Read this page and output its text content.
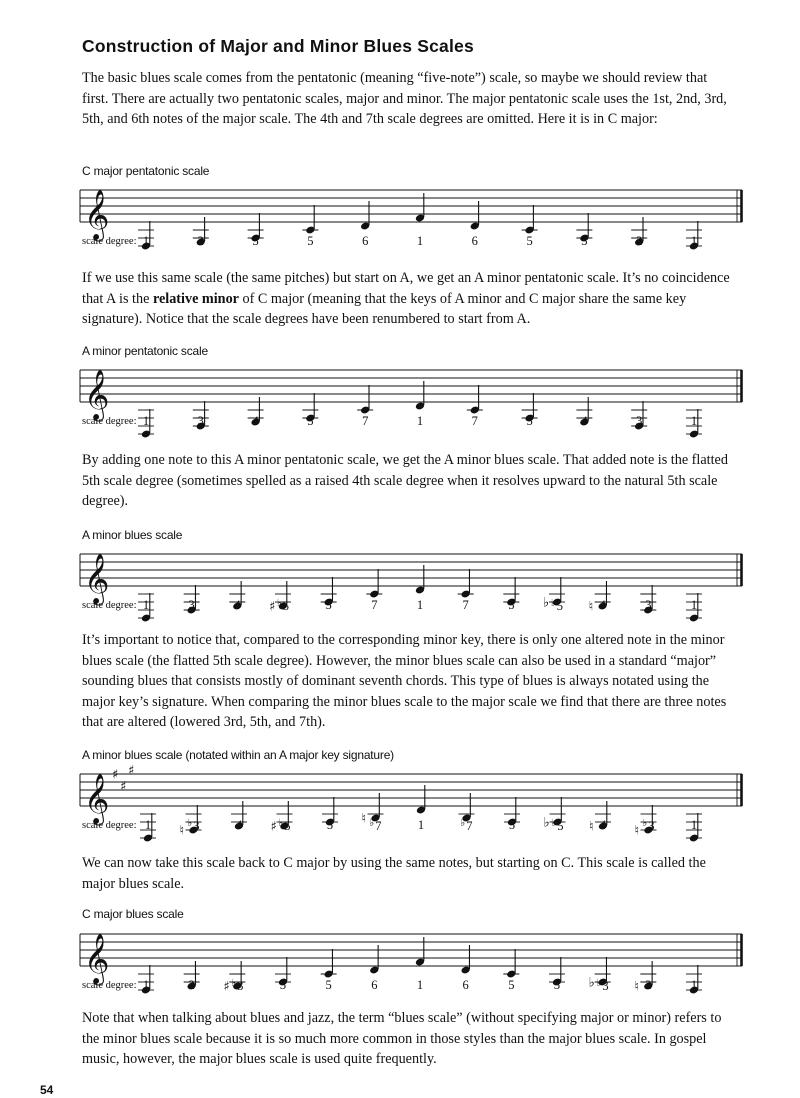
Construction of Major and Minor Blues Scales

The basic blues scale comes from the pentatonic (meaning “five-note”) scale, so maybe we should review that first. There are actually two pentatonic scales, major and minor. The major pentatonic scale uses the 1st, 2nd, 3rd, 5th, and 6th notes of the major scale. The 4th and 7th scale degrees are omitted. Here it is in C major:

C major pentatonic scale
𝄞
1	2	3	5	6	1	6	5	3	2	1
scale degree:

If we use this same scale (the same pitches) but start on A, we get an A minor pentatonic scale. It’s no coincidence that A is the relative minor of C major (meaning that the keys of A minor and C major share the same key signature). Notice that the scale degrees have been renumbered to start from A.

A minor pentatonic scale
𝄞
1	3	4	5	7	1	7	5	4	3	1
scale degree:

By adding one note to this A minor pentatonic scale, we get the A minor blues scale. That added note is the flatted 5th scale degree (sometimes spelled as a raised 4th scale degree when it resolves upward to the natural 5th scale degree).

A minor blues scale
𝄞
♯	♭	♮
1	3	4	♭5	5	7	1	7	5	♭5	4	3	1
scale degree:

It’s important to notice that, compared to the corresponding minor key, there is only one altered note in the minor blues scale (the flatted 5th scale degree). However, the minor blues scale can also be used in a standard “major” sounding blues that consists mostly of dominant seventh chords. This type of blues is always notated using the major key’s signature. When comparing the minor blues scale to the major scale we find that there are three notes that are altered (lowered 3rd, 5th, and 7th).

A minor blues scale (notated within an A major key signature)
𝄞 ♯
♯
♯
♮	♯
♮	♭	♮	♮
1	♭3	4	♭5	5	♭7	1	♭7	5	♭5	4	♭3	1
scale degree:

We can now take this scale back to C major by using the same notes, but starting on C. This scale is called the major blues scale.

C major blues scale
𝄞
♯	♭	♮
1	2	♭3	3	5	6	1	6	5	3	♭3	2	1
scale degree:

Note that when talking about blues and jazz, the term “blues scale” (without specifying major or minor) refers to the minor blues scale because it is so much more common in those styles than the major blues scale. In gospel music, however, the major blues scale is used quite frequently.

54
